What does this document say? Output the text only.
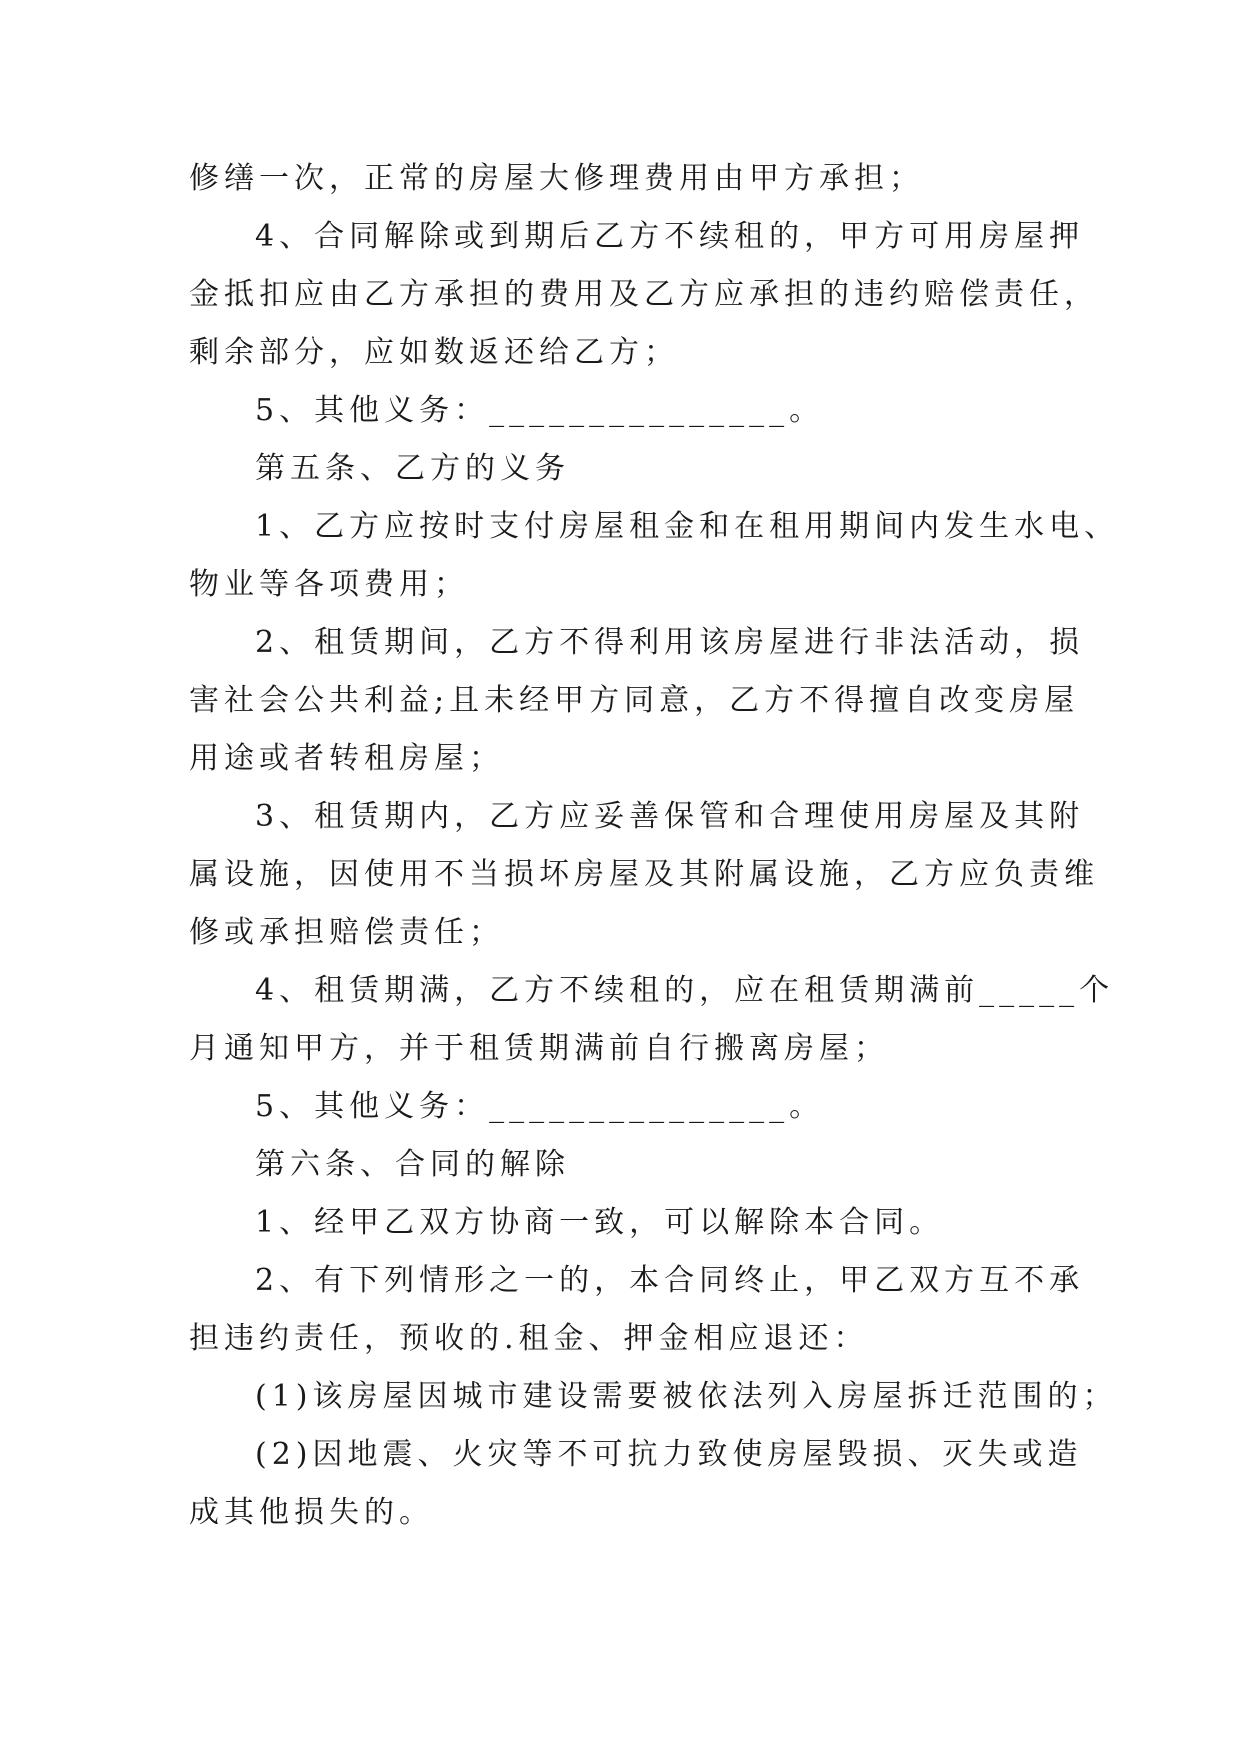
修缮一次，正常的房屋大修理费用由甲方承担；
4、合同解除或到期后乙方不续租的，甲方可用房屋押
金抵扣应由乙方承担的费用及乙方应承担的违约赔偿责任，
剩余部分，应如数返还给乙方；
5、其他义务：_______________。
第五条、乙方的义务
1、乙方应按时支付房屋租金和在租用期间内发生水电、
物业等各项费用；
2、租赁期间，乙方不得利用该房屋进行非法活动，损
害社会公共利益;且未经甲方同意，乙方不得擅自改变房屋
用途或者转租房屋；
3、租赁期内，乙方应妥善保管和合理使用房屋及其附
属设施，因使用不当损坏房屋及其附属设施，乙方应负责维
修或承担赔偿责任；
4、租赁期满，乙方不续租的，应在租赁期满前_____个
月通知甲方，并于租赁期满前自行搬离房屋；
5、其他义务：_______________。
第六条、合同的解除
1、经甲乙双方协商一致，可以解除本合同。
2、有下列情形之一的，本合同终止，甲乙双方互不承
担违约责任，预收的.租金、押金相应退还：
(1)该房屋因城市建设需要被依法列入房屋拆迁范围的；
(2)因地震、火灾等不可抗力致使房屋毁损、灭失或造
成其他损失的。
